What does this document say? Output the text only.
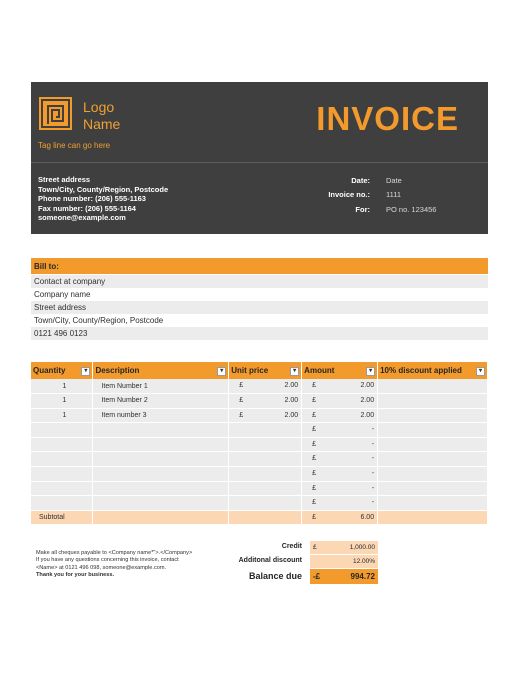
Logo
Name
Tag line can go here
INVOICE
Street address
Town/City, County/Region, Postcode
Phone number: (206) 555-1163
Fax number: (206) 555-1164
someone@example.com
Date: Date
Invoice no.: 1111
For: PO no. 123456
Bill to:
Contact at company
Company name
Street address
Town/City, County/Region, Postcode
0121 496 0123
Quantity ▾	Description ▾	Unit price ▾	Amount ▾	10% discount applied ▾

1	Item Number 1	£ 2.00	£ 2.00	

1	Item Number 2	£ 2.00	£ 2.00	

1	Item number 3	£ 2.00	£ 2.00	

			£ -	

			£ -	

			£ -	

			£ -	

			£ -	

			£ -	

Subtotal			£ 6.00	

Make all cheques payable to <Company name*">.</Company>
If you have any questions concerning this invoice, contact
<Name> at 0121 496 098, someone@example.com.
Thank you for your business.
Credit £	1,000.00
Additonal discount	12.00%
Balance due -£	994.72
